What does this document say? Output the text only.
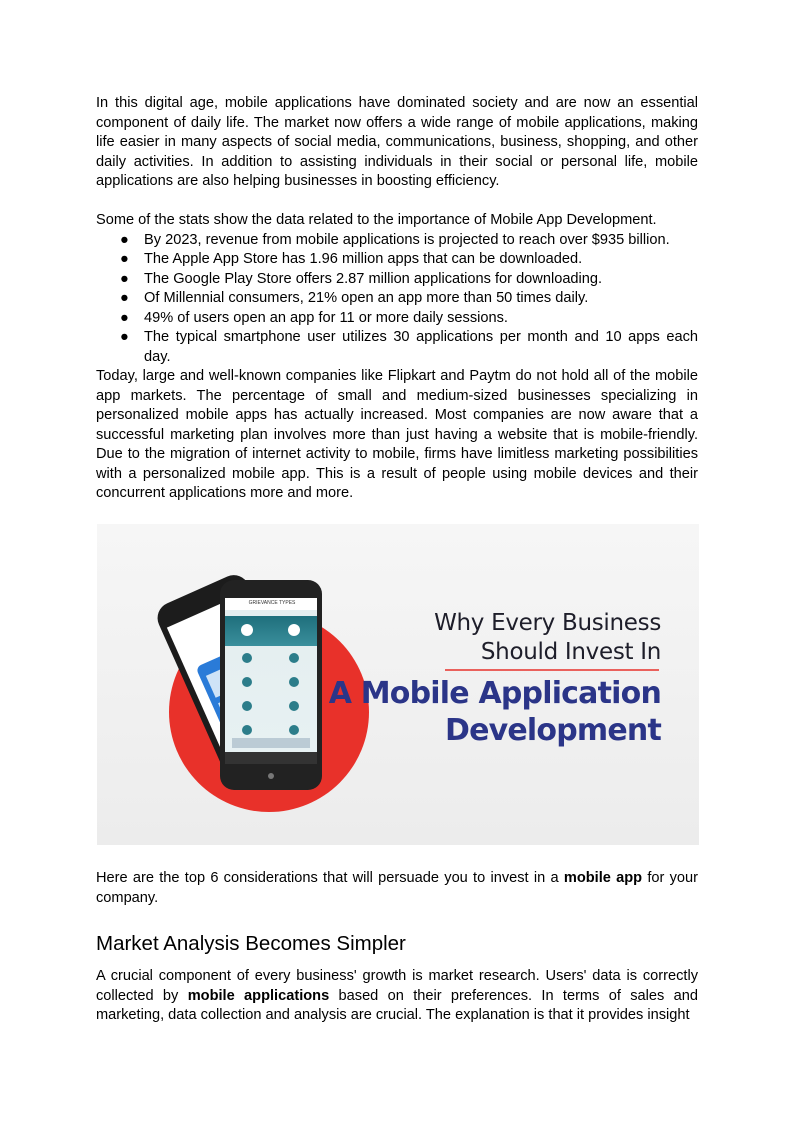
In this digital age, mobile applications have dominated society and are now an essential component of daily life. The market now offers a wide range of mobile applications, making life easier in many aspects of social media, communications, business, shopping, and other daily activities. In addition to assisting individuals in their social or personal life, mobile applications are also helping businesses in boosting efficiency.

Some of the stats show the data related to the importance of Mobile App Development.

● By 2023, revenue from mobile applications is projected to reach over $935 billion.
● The Apple App Store has 1.96 million apps that can be downloaded.
● The Google Play Store offers 2.87 million applications for downloading.
● Of Millennial consumers, 21% open an app more than 50 times daily.
● 49% of users open an app for 11 or more daily sessions.
● The typical smartphone user utilizes 30 applications per month and 10 apps each day.

Today, large and well-known companies like Flipkart and Paytm do not hold all of the mobile app markets. The percentage of small and medium-sized businesses specializing in personalized mobile apps has actually increased. Most companies are now aware that a successful marketing plan involves more than just having a website that is mobile-friendly. Due to the migration of internet activity to mobile, firms have limitless marketing possibilities with a personalized mobile app. This is a result of people using mobile devices and their concurrent applications more and more.

GRIEVANCE TYPES
Why Every Business
Should Invest In
A Mobile Application
Development

Here are the top 6 considerations that will persuade you to invest in a mobile app for your company.

Market Analysis Becomes Simpler

A crucial component of every business' growth is market research. Users' data is correctly collected by mobile applications based on their preferences. In terms of sales and marketing, data collection and analysis are crucial. The explanation is that it provides insight
